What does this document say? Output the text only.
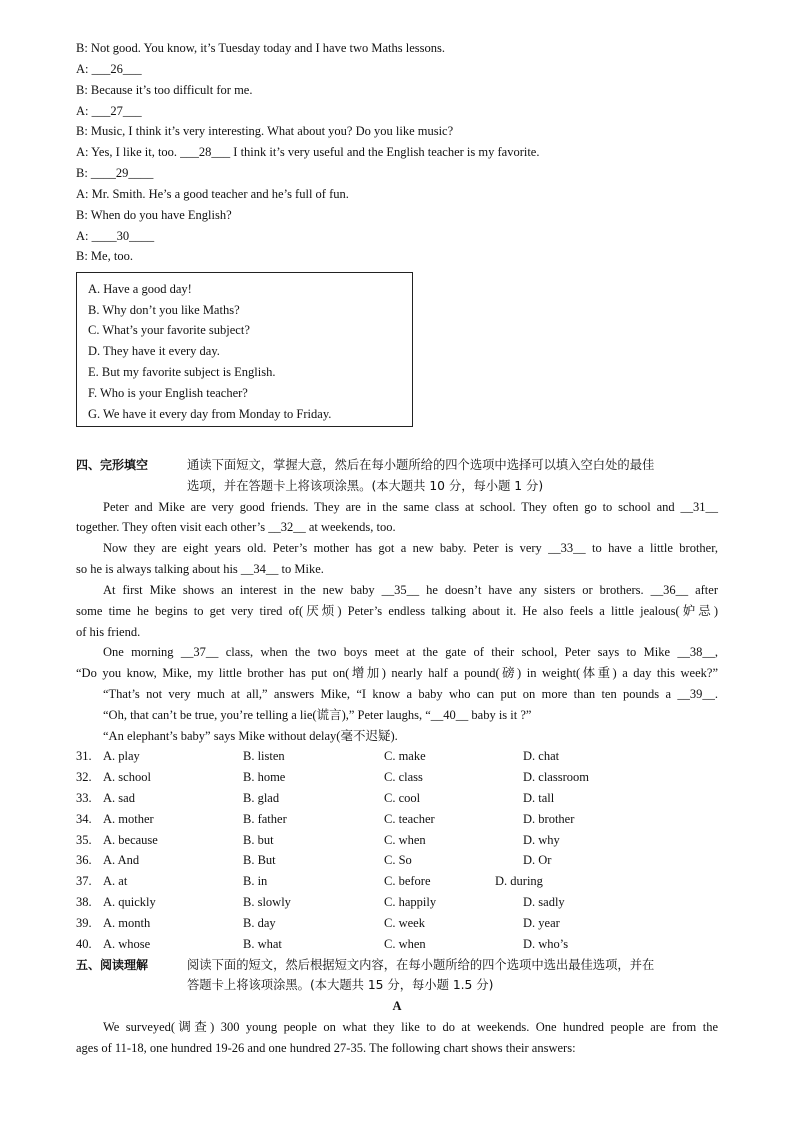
B: Not good. You know, it’s Tuesday today and I have two Maths lessons.
A: ___26___
B: Because it’s too difficult for me.
A: ___27___
B: Music, I think it’s very interesting. What about you? Do you like music?
A: Yes, I like it, too. ___28___ I think it’s very useful and the English teacher is my favorite.
B: ____29____
A: Mr. Smith. He’s a good teacher and he’s full of fun.
B: When do you have English?
A: ____30____
B: Me, too.
A. Have a good day!
B. Why don’t you like Maths?
C. What’s your favorite subject?
D. They have it every day.
E. But my favorite subject is English.
F. Who is your English teacher?
G. We have it every day from Monday to Friday.
四、完形填空	通读下面短文，掌握大意，然后在每小题所给的四个选项中选择可以填入空白处的最佳
选项，并在答题卡上将该项涂黑。(本大题共 10 分，每小题 1 分)
Peter and Mike are very good friends. They are in the same class at school. They often go to school and __31__
together. They often visit each other’s __32__ at weekends, too.
Now they are eight years old. Peter’s mother has got a new baby. Peter is very __33__ to have a little brother,
so he is always talking about his __34__ to Mike.
At first Mike shows an interest in the new baby __35__ he doesn’t have any sisters or brothers. __36__ after
some time he begins to get very tired of(厌烦) Peter’s endless talking about it. He also feels a little jealous(妒忌)
of his friend.
One morning __37__ class, when the two boys meet at the gate of their school, Peter says to Mike __38__,
“Do you know, Mike, my little brother has put on(增加) nearly half a pound(磅) in weight(体重) a day this week?”
“That’s not very much at all,” answers Mike, “I know a baby who can put on more than ten pounds a __39__.
“Oh, that can’t be true, you’re telling a lie(谎言),” Peter laughs, “__40__ baby is it ?”
“An elephant’s baby” says Mike without delay(毫不迟疑).
31. A. play	B. listen	C. make	D. chat
32. A. school	B. home	C. class	D. classroom
33. A. sad	B. glad	C. cool	D. tall
34. A. mother	B. father	C. teacher	D. brother
35. A. because	B. but	C. when	D. why
36. A. And	B. But	C. So	D. Or
37. A. at	B. in	C. before	D. during
38. A. quickly	B. slowly	C. happily	D. sadly
39. A. month	B. day	C. week	D. year
40. A. whose	B. what	C. when	D. who’s
五、阅读理解	阅读下面的短文，然后根据短文内容，在每小题所给的四个选项中选出最佳选项，并在
答题卡上将该项涂黑。(本大题共 15 分，每小题 1.5 分)
A
We surveyed(调查) 300 young people on what they like to do at weekends. One hundred people are from the
ages of 11-18, one hundred 19-26 and one hundred 27-35. The following chart shows their answers:
